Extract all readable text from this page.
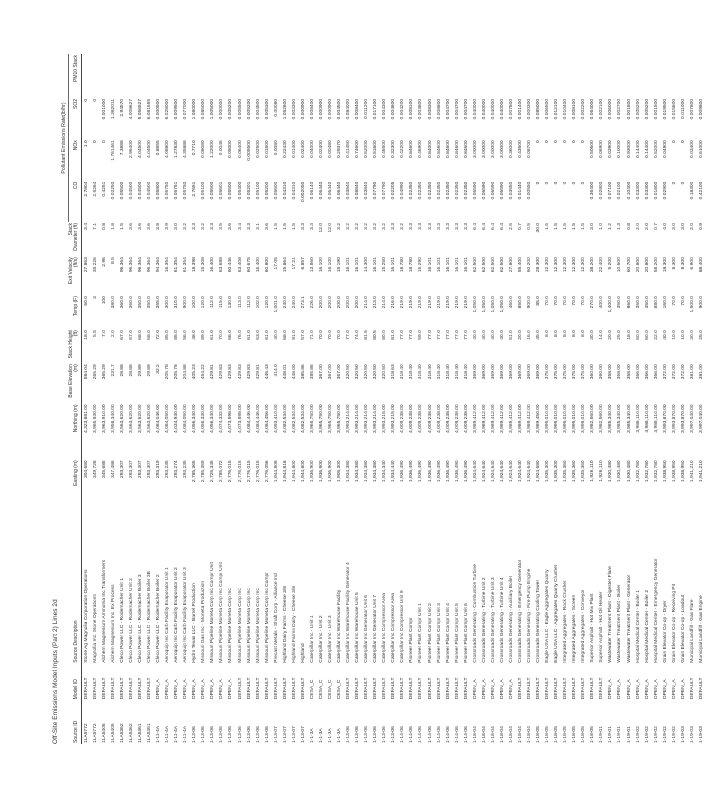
Off-Site Emissions Model Inputs (Part 2) Lines 2d
										Pollutant Emissions Rate(lb/hr)			
Source ID	Model ID	Source Description	Easting (m)	Northing (m)	Base Elevation (m)	Stack Height (ft)	Temp (F)	Exit Velocity (ft/s)	Stack Diameter (ft)	CO	NOx	SO2	PM10 Stack
1LA5772	DEFAULT	Stone Ag Magnolia Corporation Operations	304,680	4,323,881.00	584.04	18.0	60.0	27.863	3.4	2.7804	1.0	0	
1LA5772	DEFAULT	Magnolia Inc. Stone Operations	349,728	3,965,930.00	265.29	5.5	3	35.226	7.1	2.5264	0	0	
1LA5405	DEFAULT	Alchem Magnesium Ammonia Inc Transformers	345,685	3,963,910.00	365.29	7.0	100	2.96	0.8	0.4251	0	0.001000	
1LA5405	DEFAULT	Alchem Magnesium Inc. Ex Process	347,486	3,958,340.00	231.7	2.0	380.0	8.5	1.8	0.02250	1.761461	1.382011	
1LA5362	DEFAULT	Cleco Power LLC - Rodemacher Unit 1	293,307	3,563,620.00	28.88	67.0	360.0	96.364	1.5	0.05500	7.3888	2.94570	
1LA5362	DEFAULT	Cleco Power LLC - Rodemacher Unit 2	293,307	3,563,620.00	28.88	67.0	360.0	96.364	3.6	0.04500	2.96400	4.008627	
1LA5361	DEFAULT	Cleco Power LLC - Rodemacher Boiler 3	293,307	3,563,620.00	29.89	68.0	350.0	96.364	3.6	0.04500	4.04500	5.056527	
1LA5361	DEFAULT	Cleco Power LLC - Rodemacher Boiler 3B	293,307	3,563,620.00	29.89	68.0	350.0	96.364	3.6	0.04500	4.04500	6.081655	
1-11-4A	OPEN_A	Cleco Power LLC - Rodemacher Boiler 2	293,319	4,084,046.00	32.2	72.0	355.0	94.364	3.8	0.05800	0.8555	0.000500	
1-11-4A	OPEN_A	Aeroquip Inc Carb Facility Evaporator Unit 1	293,235	4,084,050.00	205.78	85.0	300.0	16.354	3.9	0.05750	4.08800	6.028000	
1-11-4A	OPEN_A	Aeroquip Inc Carb Facility Evaporator Unit 2	293,274	4,034,930.00	205.78	85.0	310.0	61.354	3.0	0.05751	1.27830	0.009500	
1-11-4A	OPEN_A	Aeroquip Inc Carb Facility Evaporator Unit 3	293,235	4,084,050.00	204.88	56.0	900.0	61.354	3.2	0.05750	4.35888	0.077000	
1-13-06	OPEN_A	Hydro Texas LLC - Barrel Production	2,785,365	4,056,340.00	405.23	48.0	100.0	18.398	3.3	2.7651	0.7710	1.080000	
1-13-06	OPEN_A	Missouri Gas Inc - Moneta Production	2,785,359	4,056,330.00	454.22	89.0	120.0	15.308	3.2	0.05100	0.08080	0.085000	
1-13-06	OPEN_A	Missouri Pipeline Moneta Corp Inc Compr Unit	2,725,345	4,056,340.00	429.81	61.0	112.0	16.400	3.3	0.05500	1.22000	1.005000	
1-13-06	OPEN_A	Missouri Pipeline Moneta Corp Inc Compr Unit	2,785,072	4,074,332.00	429.83	70.0	115.0	63.688	3.5	0.05601	0.0045	0.000000	
1-13-06	OPEN_A	Missouri Pipeline Moneta Corp Inc	2,776,015	4,073,598.00	429.83	66.0	130.0	60.446	3.6	0.05500	0.05000	0.005200	
1-13-06	DEFAULT	Missouri Pipeline Moneta Corp Inc	2,776,015	4,073,598.00	429.83	76.0	113.0	63.408	3.4	0.05400	0.06400	0.005500	
1-13-06	DEFAULT	Missouri Pipeline Moneta Corp Inc	2,776,015	4,084,446.00	429.83	61.0	112.0	60.675	3.3	0.05201	0.005500	0.005200	
1-13-06	DEFAULT	Missouri Pipeline Moneta Corp Inc	2,776,015	4,084,446.00	429.81	53.0	102.0	16.400	3.1	0.05100	0.02500	0.004500	
1-13-06	DEFAULT	Missouri Pipeline Moneta Corp Inc Compr	2,776,056	4,084,456.00	446.43	61.0	120.0	60.800	3.6	0.05200	0.01500	0.005300	
1-13-07	DEFAULT	Precast Metals - Shaft Corp - Alliance Ind	1,944,808	4,093,410.00	414.0	40.0	1,001.0	17.05	1.5	0.05600	0.0080	0.00080	
1-13-07	DEFAULT	Highland Dairy Farms - Cheese 3/8	1,944,818	4,082,534.00	448.01	68.0	240.0	15.864	1.5	0.04310	0.22430	1.052600	
1-13-07	DEFAULT	Highland Farms Dairy - Cheese 3/8	1,944,800	4,082,534.00	448.00	91.0	240.0	17.21	1.5	0.04310	0.01400	0.003300	
1-13-07	DEFAULT	Highland	1,944,800	4,082,534.00	385.86	57.0	273.1	6.857	3.3	0.002050	0.02400	0.000900	
1-1-3A	CESA_C	Caterpillar Inc - Unit 1	1,936,900	3,965,750.00	385.86	71.0	226.0	13.860	3.3	0.06140	0.04000	0.008400	
1-1-3A	CESA_C	Caterpillar Inc - Unit 2	1,936,900	3,965,750.00	367.00	70.0	200.0	16.100	12.0	0.06440	0.02400	0.000900	
1-1-3A	CESA_C	Caterpillar Inc - Unit 3	1,936,900	3,965,750.00	367.00	70.0	200.0	16.100	12.0	0.06440	0.00480	0.000900	
1-1-3A	CESA_C	Caterpillar Inc Warehouse Facility	1,905,300	3,965,750.00	367.00	70.0	200.0	15.190	3.2	0.06440	0.29370	0.004500	
1-13-06	DEFAULT	Caterpillar Inc Warehouse Facility Generator 4	1,934,380	3,993,214.00	320.50	77.0	200.0	16.101	3.2	0.03840	0.41450	0.084000	
1-13-06	DEFAULT	Caterpillar Inc Warehouse Unit 5	1,934,380	3,993,214.00	320.50	74.0	200.0	16.101	3.2	0.08840	0.74600	0.008400	
1-13-06	DEFAULT	Caterpillar Inc Generator Unit 6	1,934,380	3,993,214.00	320.50	81.5	214.0	14.300	3.2	0.03840	0.52000	0.011200	
1-13-06	DEFAULT	Caterpillar Inc Generator Unit 7	1,934,380	3,993,214.00	320.50	80.5	213.0	16.101	3.2	0.07790	0.51600	0.017100	
1-13-06	DEFAULT	Caterpillar Inc Compressor Area	1,934,340	3,993,215.00	320.50	80.0	214.0	15.250	3.2	0.07790	0.46500	0.004300	
1-13-06	DEFAULT	Caterpillar Inc Compressor Area	1,934,440	3,993,215.00	318.63	81.0	216.0	16.101	3.3	0.02205	0.32300	0.004600	
1-14-06	DEFAULT	Caterpillar Inc Compressor Unit 9	1,936,490	4,009,238.00	318.40	77.0	219.0	18.780	3.2	0.04990	0.42200	0.004200	
1-14-06	DEFAULT	Pioneer Plant Compr	1,936,490	4,009,238.00	318.40	77.0	219.0	18.780	3.3	0.02350	0.84600	0.008100	
1-14-06	DEFAULT	Pioneer Plant Compr Unit 1	1,936,490	4,009,238.00	318.40	59.0	219.0	15.290	3.3	0.02350	0.46900	0.003800	
1-14-06	DEFAULT	Pioneer Plant Compr Unit 2	1,936,490	4,009,238.00	318.40	77.0	219.0	16.101	3.3	0.02350	0.84000	0.008300	
1-14-06	DEFAULT	Pioneer Plant Compr Unit 3	1,936,490	4,009,238.00	318.40	77.0	219.0	16.101	3.3	0.02350	0.84600	0.008800	
1-14-06	DEFAULT	Pioneer Plant Compr Unit 4	1,936,490	4,009,238.00	318.40	77.0	219.0	16.101	3.3	0.02350	0.84600	0.004700	
1-14-06	DEFAULT	Pioneer Plant Compr Unit 5	1,936,490	4,009,238.00	318.40	77.0	219.0	16.101	3.3	0.02350	0.84600	0.004700	
1-14-06	DEFAULT	Pioneer Plant Compr Unit 6	1,936,490	4,009,238.00	318.40	77.0	219.0	16.101	3.3	0.02350	0.84600	0.004700	
1-18-04	OPEN_A	Crossroads Generating - Combustion Turbine	1,924,640	3,989,412.00	369.00	40.0	1,050.0	62.500	6.4	0.06590	3.00000	0.040000	
1-18-04	OPEN_A	Crossroads Generating - Turbine Unit 2	1,924,640	3,989,412.00	369.00	40.0	1,050.0	62.500	6.4	0.06590	3.00000	0.040000	
1-18-04	OPEN_A	Crossroads Generating - Turbine Unit 3	1,924,640	3,989,412.00	369.00	40.0	1,050.0	62.500	6.4	0.06590	3.00000	0.040000	
1-18-04	OPEN_A	Crossroads Generating - Turbine Unit 4	1,924,640	3,989,412.00	369.00	40.0	1,050.0	62.500	6.4	0.06590	3.00000	0.040000	
1-18-04	OPEN_A	Crossroads Generating - Auxiliary Boiler	1,924,640	3,989,412.00	369.00	51.0	460.0	27.800	2.5	0.03550	0.36000	0.007800	
1-18-04	DEFAULT	Crossroads Generating - Emergency Generator	1,924,640	3,989,412.00	369.00	20.0	850.0	55.400	0.7	0.01440	0.43500	0.001400	
1-18-04	DEFAULT	Crossroads Generating - Fire Pump Engine	1,924,640	3,989,412.00	369.00	16.0	900.0	60.200	0.5	0.00550	0.08700	0.000300	
1-18-05	DEFAULT	Crossroads Generating Cooling Tower	1,924,680	3,989,450.00	369.00	45.0	85.0	28.300	30.0	0	0	0.085000	
1-18-05	DEFAULT	Eagle USA LLC - Eagle Aggregates Quarry	1,935,300	3,995,010.00	375.00	8.0	70.0	12.300	1.5	0	0	0.006500	
1-18-05	DEFAULT	Eagle USA LLC - Aggregates Quarry Crusher	1,935,300	3,995,010.00	375.00	8.0	70.0	12.300	1.5	0	0	0.012100	
1-18-05	DEFAULT	Integrated Aggregates - Rock Crusher	1,935,360	3,995,010.00	375.00	8.0	70.0	12.300	1.5	0	0	0.010400	
1-18-05	DEFAULT	Integrated Aggregates - Screen	1,935,360	3,995,010.00	375.00	8.0	70.0	12.300	1.5	0	0	0.008100	
1-18-05	DEFAULT	Integrated Aggregates - Conveyor	1,935,360	3,995,010.00	375.00	8.0	70.0	12.300	1.5	0	0	0.002200	
1-18-05	DEFAULT	Superior Asphalt - Hot Mix Plant	1,926,110	3,982,560.00	360.00	30.0	270.0	38.200	3.0	0.36400	0.50600	0.064000	
1-19-01	DEFAULT	Superior Asphalt - Hot Oil Heater	1,926,110	3,982,560.00	360.00	14.0	400.0	22.400	1.0	0.02800	0.06900	0.002100	
1-19-01	OPEN_A	Wastewater Treatment Plant - Digester Flare	1,930,480	3,985,340.00	358.00	20.0	1,400.0	5.200	1.2	0.07100	0.03900	0.006000	
1-19-01	OPEN_A	Wastewater Treatment Plant - Boiler	1,930,480	3,985,340.00	358.00	25.0	350.0	10.600	1.3	0.02100	0.10000	0.002700	
1-19-01	OPEN_A	Wastewater Treatment Plant - Generator	1,930,480	3,985,340.00	358.00	18.0	860.0	60.700	0.8	0.10400	0.93000	0.001800	
1-19-02	OPEN_A	Hospital Medical Center - Boiler 1	1,932,780	3,988,110.00	366.00	60.0	350.0	20.800	2.0	0.03300	0.14400	0.005200	
1-19-02	OPEN_A	Hospital Medical Center - Boiler 2	1,932,780	3,988,110.00	366.00	60.0	350.0	20.800	2.0	0.03300	0.14400	0.005200	
1-19-02	OPEN_A	Hospital Medical Center - Emergency Generator	1,932,780	3,988,110.00	366.00	22.0	880.0	58.200	0.7	0.01800	0.52000	0.001500	
1-19-02	OPEN_A	Grain Elevator Co-op - Dryer	1,938,950	3,993,870.00	372.00	40.0	160.0	18.300	4.0	0.02900	0.04900	0.019500	
1-19-02	OPEN_A	Grain Elevator Co-op - Receiving Pit	1,938,950	3,993,870.00	372.00	10.0	70.0	8.300	3.0	0	0	0.015600	
1-19-03	OPEN_A	Grain Elevator Co-op - Loadout	1,938,950	3,993,870.00	372.00	10.0	70.0	8.300	3.0	0	0	0.011000	
1-19-03	DEFAULT	Municipal Landfill - Gas Flare	1,941,210	3,997,040.00	381.00	30.0	1,500.0	6.900	2.0	0.18300	0.03400	0.007800	
1-19-03	DEFAULT	Municipal Landfill - Gas Engine	1,941,210	3,997,040.00	381.00	25.0	900.0	88.400	0.9	0.42100	0.61000	0.009800	
